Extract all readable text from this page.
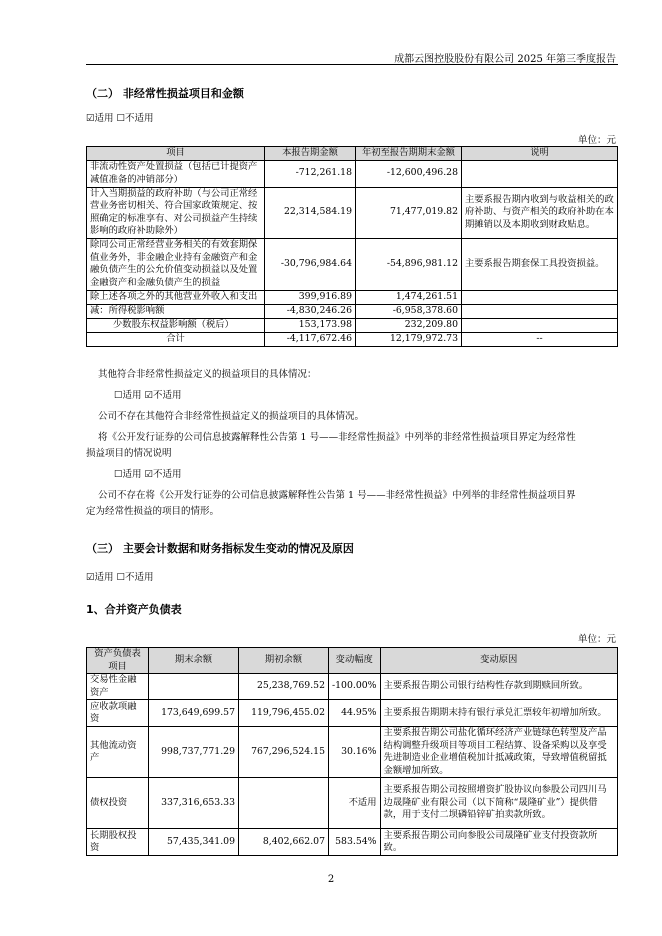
成都云图控股股份有限公司 2025 年第三季度报告
（二） 非经常性损益项目和金额
☑适用 ☐不适用
单位：元
项目	本报告期金额	年初至报告期期末金额	说明
非流动性资产处置损益（包括已计提资产减值准备的冲销部分）	-712,261.18	-12,600,496.28	
计入当期损益的政府补助（与公司正常经营业务密切相关、符合国家政策规定、按照确定的标准享有、对公司损益产生持续影响的政府补助除外）	22,314,584.19	71,477,019.82	主要系报告期内收到与收益相关的政府补助、与资产相关的政府补助在本期摊销以及本期收到财政贴息。
除同公司正常经营业务相关的有效套期保值业务外，非金融企业持有金融资产和金融负债产生的公允价值变动损益以及处置金融资产和金融负债产生的损益	-30,796,984.64	-54,896,981.12	主要系报告期套保工具投资损益。
除上述各项之外的其他营业外收入和支出	399,916.89	1,474,261.51	
减：所得税影响额	-4,830,246.26	-6,958,378.60	
少数股东权益影响额（税后）	153,173.98	232,209.80	
合计	-4,117,672.46	12,179,972.73	--
其他符合非经常性损益定义的损益项目的具体情况：
☐适用 ☑不适用
公司不存在其他符合非经常性损益定义的损益项目的具体情况。
将《公开发行证券的公司信息披露解释性公告第 1 号——非经常性损益》中列举的非经常性损益项目界定为经常性
损益项目的情况说明
☐适用 ☑不适用
公司不存在将《公开发行证券的公司信息披露解释性公告第 1 号——非经常性损益》中列举的非经常性损益项目界
定为经常性损益的项目的情形。
（三） 主要会计数据和财务指标发生变动的情况及原因
☑适用 ☐不适用
1、合并资产负债表
单位：元
资产负债表项目	期末余额	期初余额	变动幅度	变动原因
交易性金融资产		25,238,769.52	-100.00%	主要系报告期公司银行结构性存款到期赎回所致。
应收款项融资	173,649,699.57	119,796,455.02	44.95%	主要系报告期期末持有银行承兑汇票较年初增加所致。
其他流动资产	998,737,771.29	767,296,524.15	30.16%	主要系报告期公司盐化循环经济产业链绿色转型及产品结构调整升级项目等项目工程结算、设备采购以及享受先进制造业企业增值税加计抵减政策，导致增值税留抵金额增加所致。
债权投资	337,316,653.33		不适用	主要系报告期公司按照增资扩股协议向参股公司四川马边晟隆矿业有限公司（以下简称“晟隆矿业”）提供借款，用于支付二坝磷铅锌矿拍卖款所致。
长期股权投资	57,435,341.09	8,402,662.07	583.54%	主要系报告期公司向参股公司晟隆矿业支付投资款所致。
2
